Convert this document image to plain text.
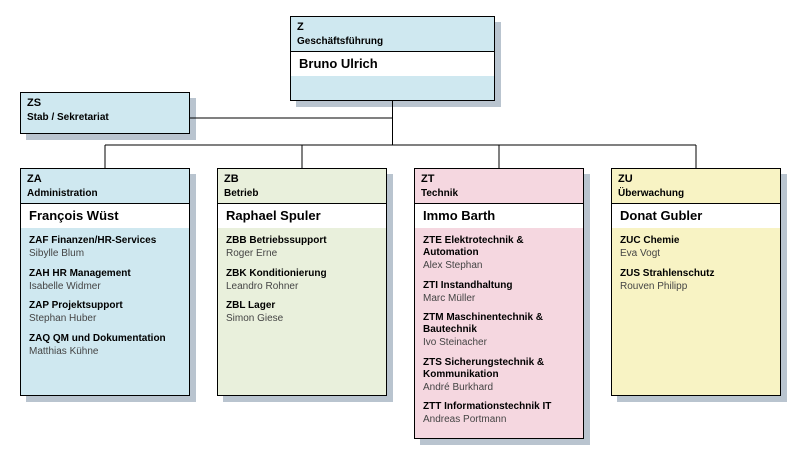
Z
Geschäftsführung
Bruno Ulrich
ZS
Stab / Sekretariat
ZA
Administration
François Wüst
ZAF Finanzen/HR-Services
Sibylle Blum
ZAH HR Management
Isabelle Widmer
ZAP Projektsupport
Stephan Huber
ZAQ QM und Dokumentation
Matthias Kühne
ZB
Betrieb
Raphael Spuler
ZBB Betriebssupport
Roger Erne
ZBK Konditionierung
Leandro Rohner
ZBL Lager
Simon Giese
ZT
Technik
Immo Barth
ZTE Elektrotechnik & Automation
Alex Stephan
ZTI Instandhaltung
Marc Müller
ZTM Maschinentechnik & Bautechnik
Ivo Steinacher
ZTS Sicherungstechnik & Kommunikation
André Burkhard
ZTT Informationstechnik IT
Andreas Portmann
ZU
Überwachung
Donat Gubler
ZUC Chemie
Eva Vogt
ZUS Strahlenschutz
Rouven Philipp
